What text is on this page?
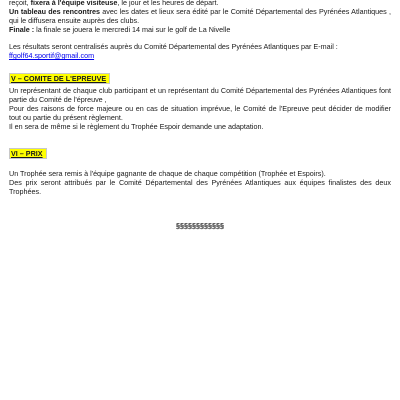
reçoit, fixera à l'équipe visiteuse, le jour et les heures de départ.

Un tableau des rencontres avec les dates et lieux sera édité par le Comité Départemental des Pyrénées Atlantiques , qui le diffusera ensuite auprès des clubs.

Finale : la finale se jouera le mercredi 14 mai sur le golf de La Nivelle

Les résultats seront centralisés auprès du Comité Départemental des Pyrénées Atlantiques par E-mail :

ffgolf64.sportif@gmail.com

V – COMITE DE L'EPREUVE

Un représentant de chaque club participant et un représentant du Comité Départemental des Pyrénées Atlantiques font partie du Comité de l'épreuve ,

Pour des raisons de force majeure ou en cas de situation imprévue, le Comité de l'Epreuve peut décider de modifier tout ou partie du présent règlement.

Il en sera de même si le règlement du Trophée Espoir demande une adaptation.

VI – PRIX

Un Trophée sera remis à l'équipe gagnante de chaque de chaque compétition (Trophée et Espoirs).

Des prix seront attribués par le Comité Départemental des Pyrénées Atlantiques aux équipes finalistes des deux Trophées.

§§§§§§§§§§§§
